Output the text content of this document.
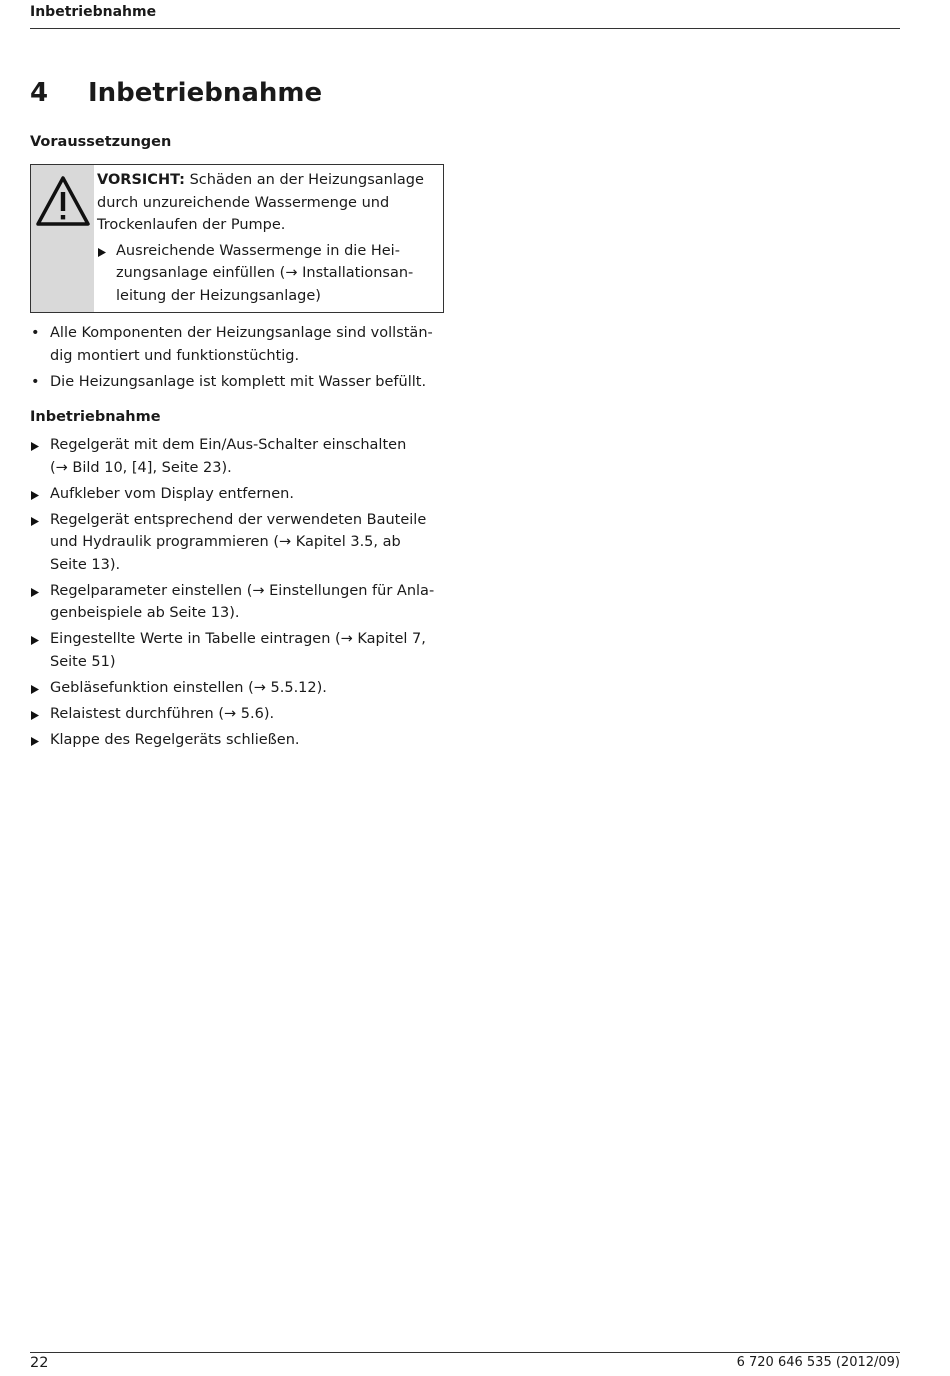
Inbetriebnahme
4 Inbetriebnahme
Voraussetzungen
VORSICHT: Schäden an der Heizungsanlage
durch unzureichende Wassermenge und
Trockenlaufen der Pumpe.
Ausreichende Wassermenge in die Hei-
zungsanlage einfüllen (→ Installationsan-
leitung der Heizungsanlage)
• Alle Komponenten der Heizungsanlage sind vollstän-
dig montiert und funktionstüchtig.
• Die Heizungsanlage ist komplett mit Wasser befüllt.
Inbetriebnahme
Regelgerät mit dem Ein/Aus-Schalter einschalten
(→ Bild 10, [4], Seite 23).
Aufkleber vom Display entfernen.
Regelgerät entsprechend der verwendeten Bauteile
und Hydraulik programmieren (→ Kapitel 3.5, ab
Seite 13).
Regelparameter einstellen (→ Einstellungen für Anla-
genbeispiele ab Seite 13).
Eingestellte Werte in Tabelle eintragen (→ Kapitel 7,
Seite 51)
Gebläsefunktion einstellen (→ 5.5.12).
Relaistest durchführen (→ 5.6).
Klappe des Regelgeräts schließen.
22	6 720 646 535 (2012/09)
